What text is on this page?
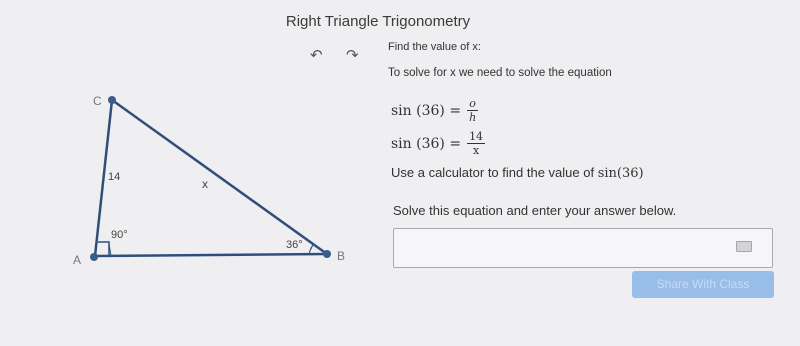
Right Triangle Trigonometry
↶ ↷
A	B
C
14	x
90°
36°
Find the value of x:
To solve for x we need to solve the equation
$\sin (36) = \frac{o}{h}$
$\sin (36) = \frac{14}{x}$
Use a calculator to find the value of sin(36)
Solve this equation and enter your answer below.
Share With Class
